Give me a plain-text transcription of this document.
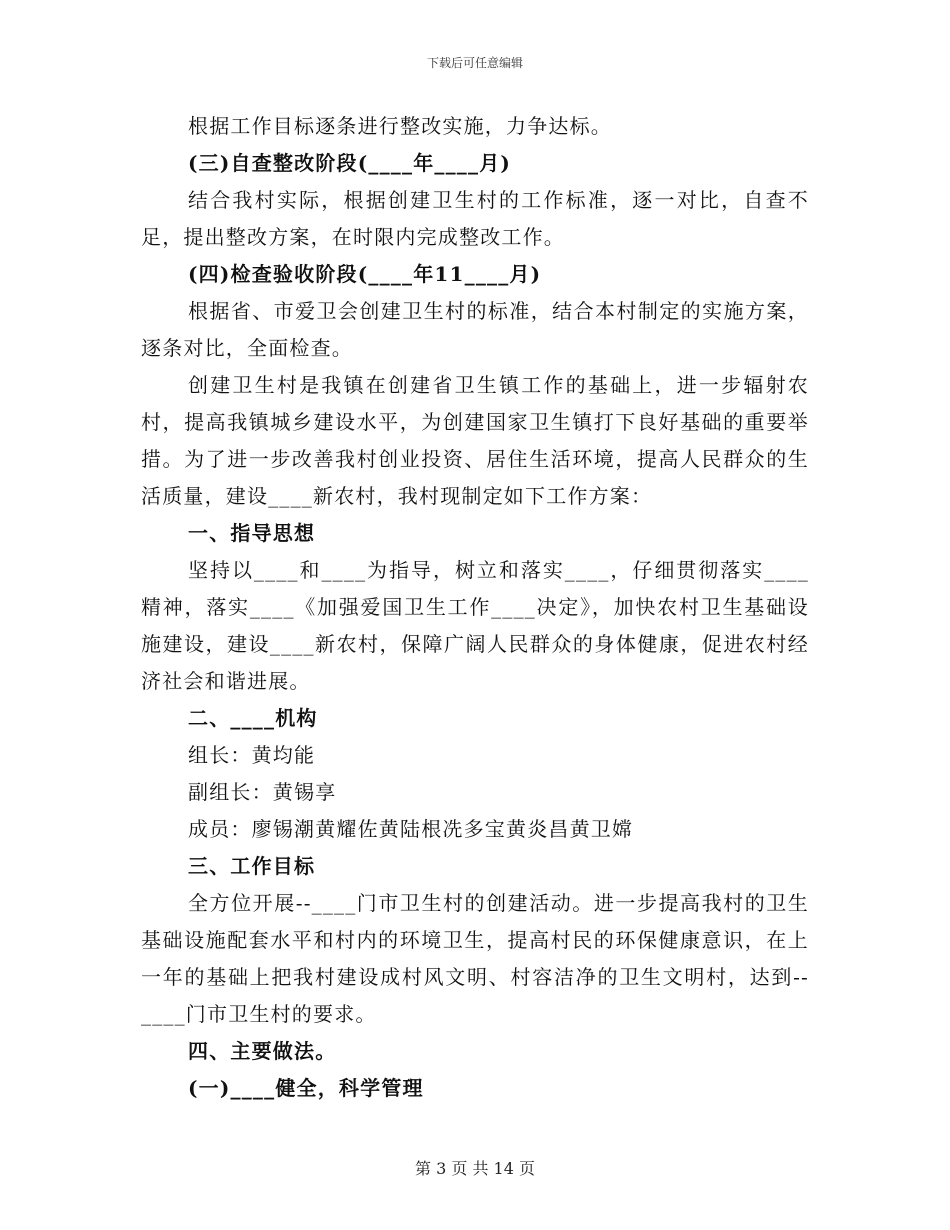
下载后可任意编辑

根据工作目标逐条进行整改实施，力争达标。

(三)自查整改阶段(____年____月)

结合我村实际，根据创建卫生村的工作标准，逐一对比，自查不足，提出整改方案，在时限内完成整改工作。

(四)检查验收阶段(____年11____月)

根据省、市爱卫会创建卫生村的标准，结合本村制定的实施方案，逐条对比，全面检查。

创建卫生村是我镇在创建省卫生镇工作的基础上，进一步辐射农村，提高我镇城乡建设水平，为创建国家卫生镇打下良好基础的重要举措。为了进一步改善我村创业投资、居住生活环境，提高人民群众的生活质量，建设____新农村，我村现制定如下工作方案：

一、指导思想

坚持以____和____为指导，树立和落实____，仔细贯彻落实____精神，落实____《加强爱国卫生工作____决定》，加快农村卫生基础设施建设，建设____新农村，保障广阔人民群众的身体健康，促进农村经济社会和谐进展。

二、____机构

组长：黄均能

副组长：黄锡享

成员：廖锡潮黄耀佐黄陆根冼多宝黄炎昌黄卫嫦

三、工作目标

全方位开展--____门市卫生村的创建活动。进一步提高我村的卫生基础设施配套水平和村内的环境卫生，提高村民的环保健康意识，在上一年的基础上把我村建设成村风文明、村容洁净的卫生文明村，达到--____门市卫生村的要求。

四、主要做法。

(一)____健全，科学管理

第 3 页 共 14 页
